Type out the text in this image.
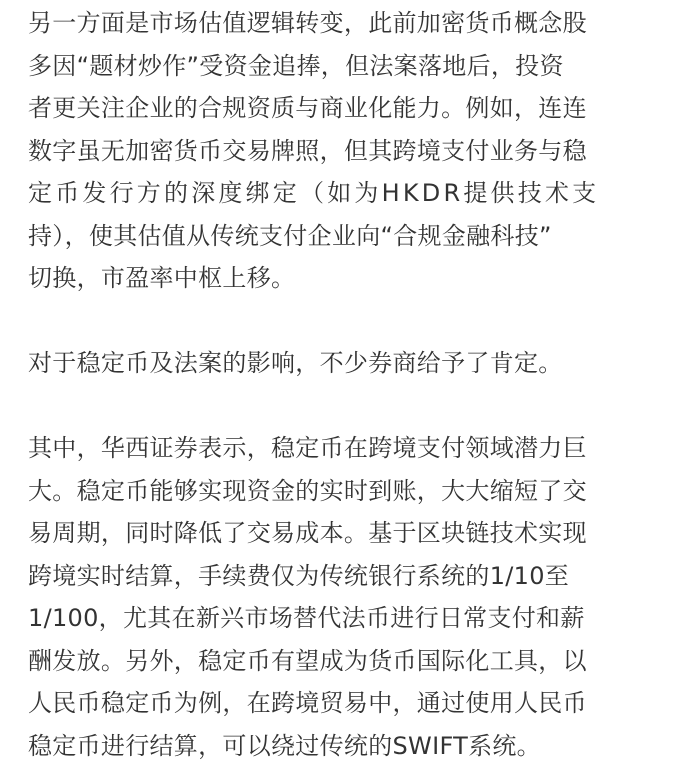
另一方面是市场估值逻辑转变，此前加密货币概念股
多因“题材炒作”受资金追捧，但法案落地后，投资
者更关注企业的合规资质与商业化能力。例如，连连
数字虽无加密货币交易牌照，但其跨境支付业务与稳
定币发行方的深度绑定（如为HKDR提供技术支
持），使其估值从传统支付企业向“合规金融科技”
切换，市盈率中枢上移。
对于稳定币及法案的影响，不少券商给予了肯定。
其中，华西证券表示，稳定币在跨境支付领域潜力巨
大。稳定币能够实现资金的实时到账，大大缩短了交
易周期，同时降低了交易成本。基于区块链技术实现
跨境实时结算，手续费仅为传统银行系统的1/10至
1/100，尤其在新兴市场替代法币进行日常支付和薪
酬发放。另外，稳定币有望成为货币国际化工具，以
人民币稳定币为例，在跨境贸易中，通过使用人民币
稳定币进行结算，可以绕过传统的SWIFT系统。
